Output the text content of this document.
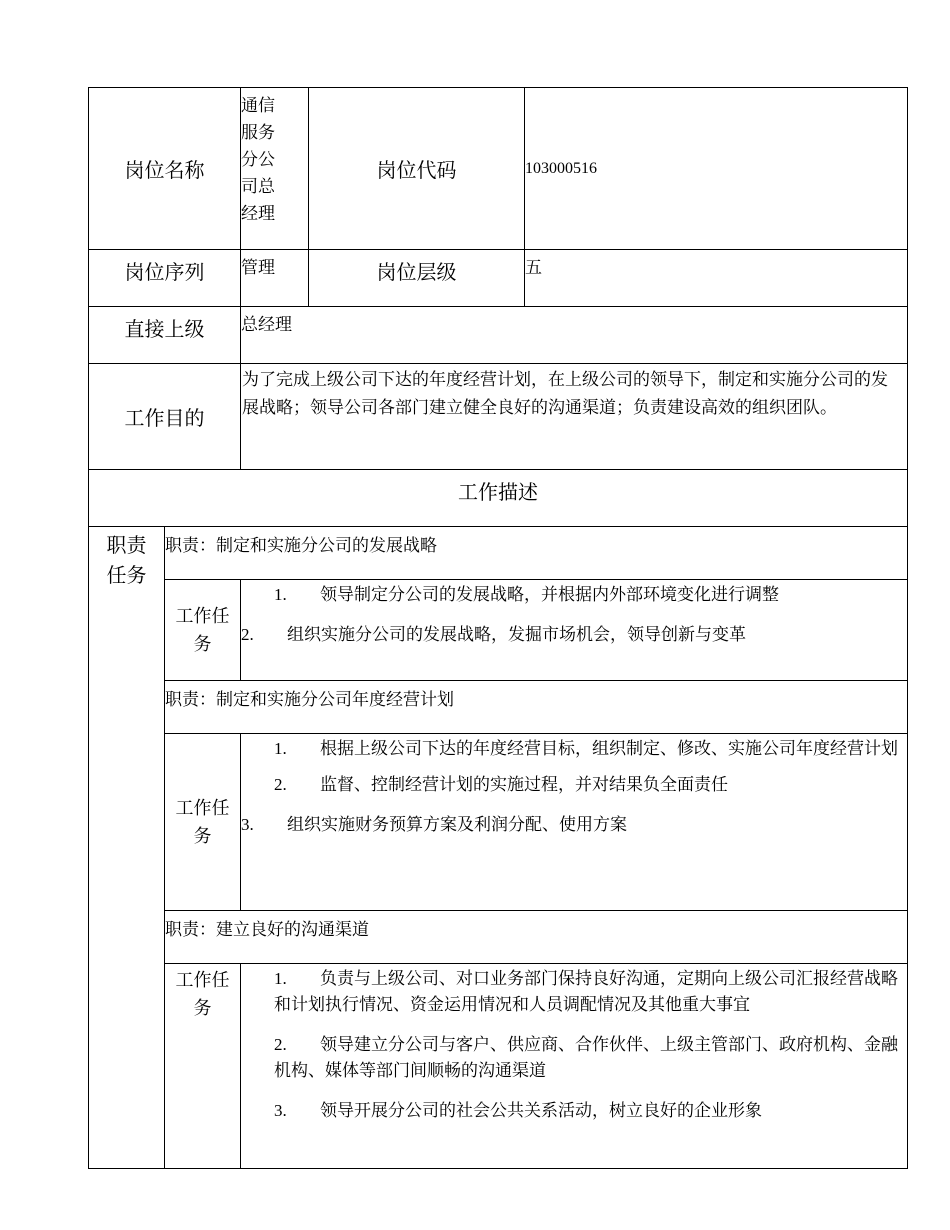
岗位名称		通信服务分公司总经理	岗位代码	103000516
岗位序列		管理	岗位层级	五
直接上级		总经理		
工作目的		为了完成上级公司下达的年度经营计划，在上级公司的领导下，制定和实施分公司的发展战略；领导公司各部门建立健全良好的沟通渠道；负责建设高效的组织团队。		
工作描述				

职责任务	职责：制定和实施分公司的发展战略			

	工作任务	1. 领导制定分公司的发展战略，并根据内外部环境变化进行调整

2. 组织实施分公司的发展战略，发掘市场机会，领导创新与变革		

	职责：制定和实施分公司年度经营计划			

	工作任务	1. 根据上级公司下达的年度经营目标，组织制定、修改、实施公司年度经营计划

2. 监督、控制经营计划的实施过程，并对结果负全面责任

3. 组织实施财务预算方案及利润分配、使用方案		

	职责：建立良好的沟通渠道			

	工作任务	1. 负责与上级公司、对口业务部门保持良好沟通，定期向上级公司汇报经营战略和计划执行情况、资金运用情况和人员调配情况及其他重大事宜

2. 领导建立分公司与客户、供应商、合作伙伴、上级主管部门、政府机构、金融机构、媒体等部门间顺畅的沟通渠道

3. 领导开展分公司的社会公共关系活动，树立良好的企业形象		
